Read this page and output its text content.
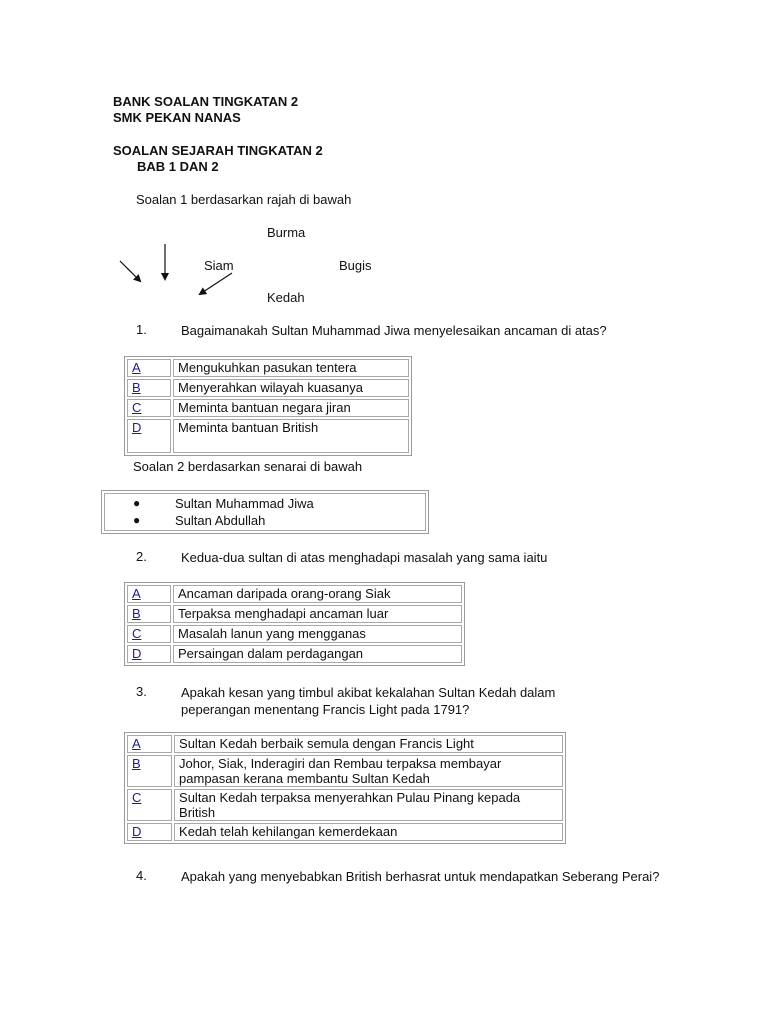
BANK SOALAN TINGKATAN 2
SMK PEKAN NANAS
SOALAN SEJARAH TINGKATAN 2
BAB 1 DAN 2
Soalan 1 berdasarkan rajah di bawah
Burma
Siam	Bugis
Kedah
1.	Bagaimanakah Sultan Muhammad Jiwa menyelesaikan ancaman di atas?
A	Mengukuhkan pasukan tentera
B	Menyerahkan wilayah kuasanya
C	Meminta bantuan negara jiran
D	Meminta bantuan British
Soalan 2 berdasarkan senarai di bawah
●	Sultan Muhammad Jiwa
●	Sultan Abdullah
2.	Kedua-dua sultan di atas menghadapi masalah yang sama iaitu
A	Ancaman daripada orang-orang Siak
B	Terpaksa menghadapi ancaman luar
C	Masalah lanun yang mengganas
D	Persaingan dalam perdagangan
3.	Apakah kesan yang timbul akibat kekalahan Sultan Kedah dalam peperangan menentang Francis Light pada 1791?
A	Sultan Kedah berbaik semula dengan Francis Light
B	Johor, Siak, Inderagiri dan Rembau terpaksa membayar pampasan kerana membantu Sultan Kedah
C	Sultan Kedah terpaksa menyerahkan Pulau Pinang kepada British
D	Kedah telah kehilangan kemerdekaan
4.	Apakah yang menyebabkan British berhasrat untuk mendapatkan Seberang Perai?
